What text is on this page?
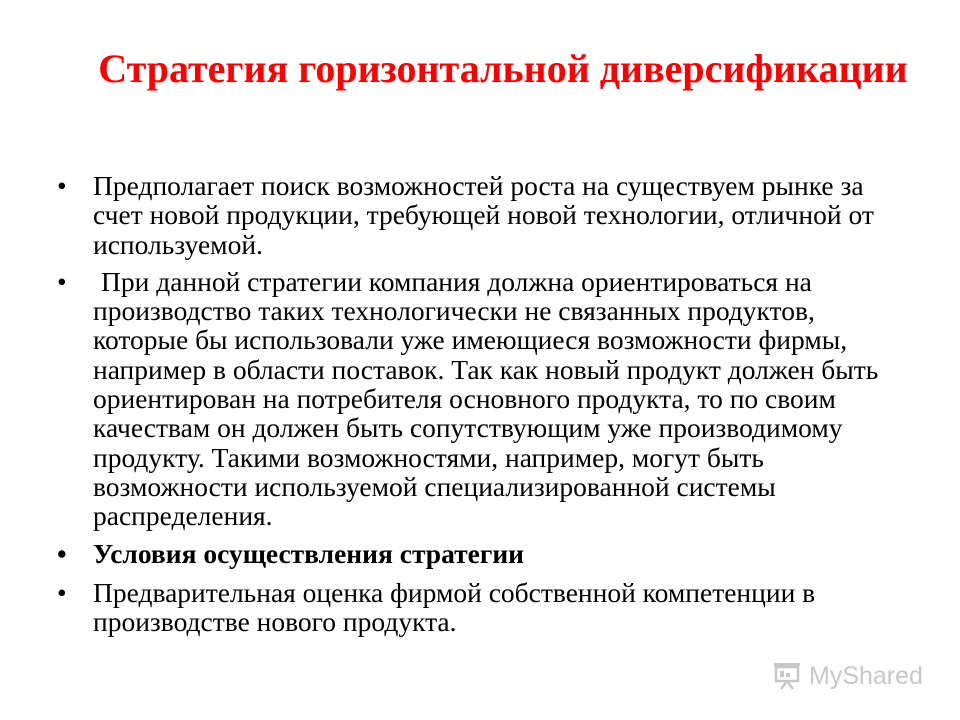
Стратегия горизонтальной диверсификации
• Предполагает поиск возможностей роста на существуем рынке за счет новой продукции, требующей новой технологии, отличной от используемой.
• При данной стратегии компания должна ориентироваться на производство таких технологически не связанных продуктов, которые бы использовали уже имеющиеся возможности фирмы, например в области поставок. Так как новый продукт должен быть ориентирован на потребителя основного продукта, то по своим качествам он должен быть сопутствующим уже производимому продукту. Такими возможностями, например, могут быть возможности используемой специализированной системы распределения.
• Условия осуществления стратегии
• Предварительная оценка фирмой собственной компетенции в производстве нового продукта.
MyShared
